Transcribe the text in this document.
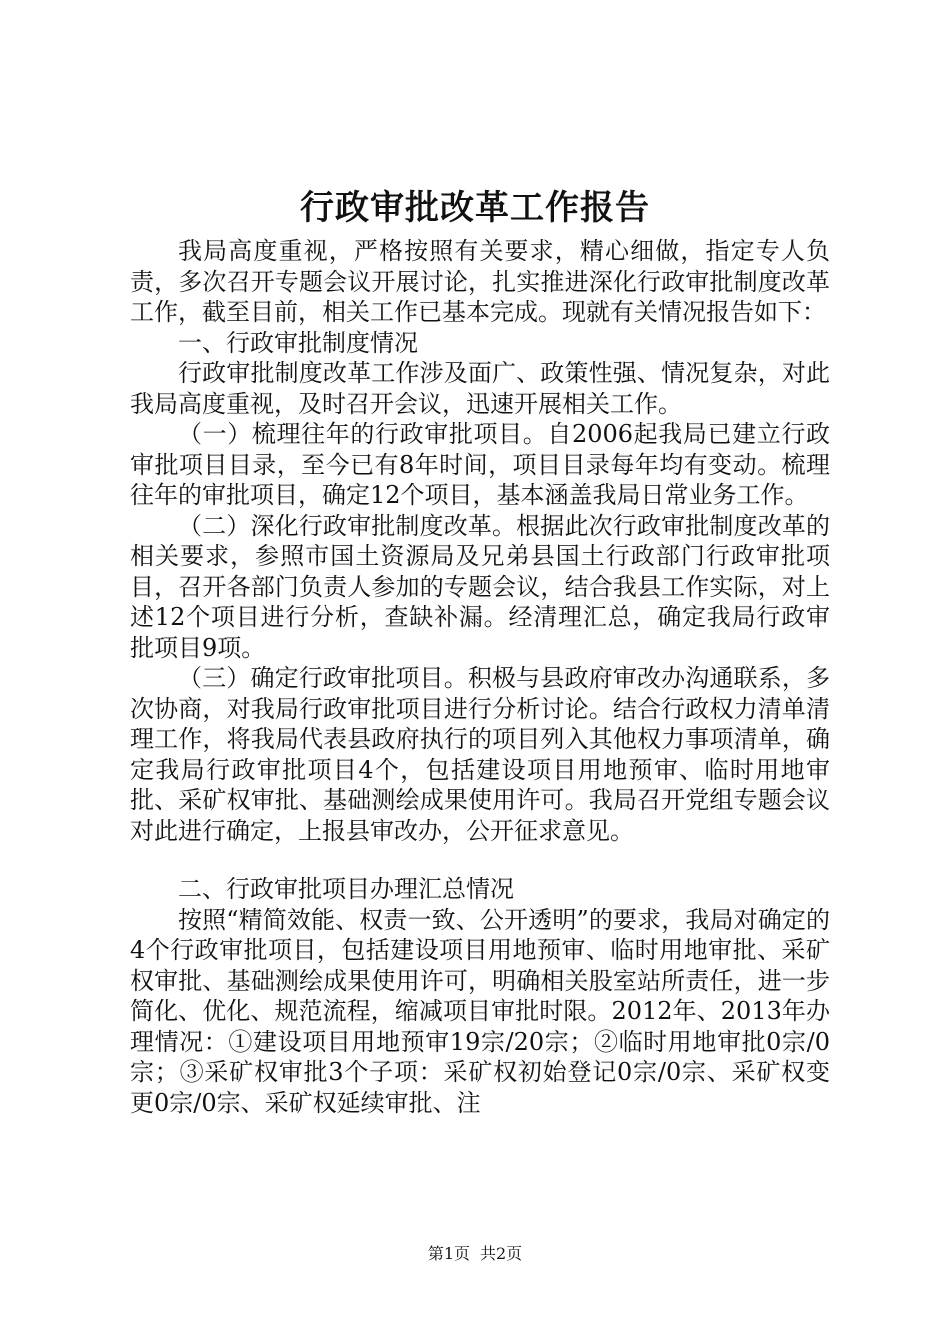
行政审批改革工作报告

我局高度重视，严格按照有关要求，精心细做，指定专人负责，多次召开专题会议开展讨论，扎实推进深化行政审批制度改革工作，截至目前，相关工作已基本完成。现就有关情况报告如下：

一、行政审批制度情况

行政审批制度改革工作涉及面广、政策性强、情况复杂，对此我局高度重视，及时召开会议，迅速开展相关工作。

（一）梳理往年的行政审批项目。自2006起我局已建立行政审批项目目录，至今已有8年时间，项目目录每年均有变动。梳理往年的审批项目，确定12个项目，基本涵盖我局日常业务工作。

（二）深化行政审批制度改革。根据此次行政审批制度改革的相关要求，参照市国土资源局及兄弟县国土行政部门行政审批项目，召开各部门负责人参加的专题会议，结合我县工作实际，对上述12个项目进行分析，查缺补漏。经清理汇总，确定我局行政审批项目9项。

（三）确定行政审批项目。积极与县政府审改办沟通联系，多次协商，对我局行政审批项目进行分析讨论。结合行政权力清单清理工作，将我局代表县政府执行的项目列入其他权力事项清单，确定我局行政审批项目4个，包括建设项目用地预审、临时用地审批、采矿权审批、基础测绘成果使用许可。我局召开党组专题会议对此进行确定，上报县审改办，公开征求意见。

二、行政审批项目办理汇总情况

按照“精简效能、权责一致、公开透明”的要求，我局对确定的4个行政审批项目，包括建设项目用地预审、临时用地审批、采矿权审批、基础测绘成果使用许可，明确相关股室站所责任，进一步简化、优化、规范流程，缩减项目审批时限。2012年、2013年办理情况：①建设项目用地预审19宗/20宗；②临时用地审批0宗/0宗；③采矿权审批3个子项：采矿权初始登记0宗/0宗、采矿权变更0宗/0宗、采矿权延续审批、注

第1页 共2页
